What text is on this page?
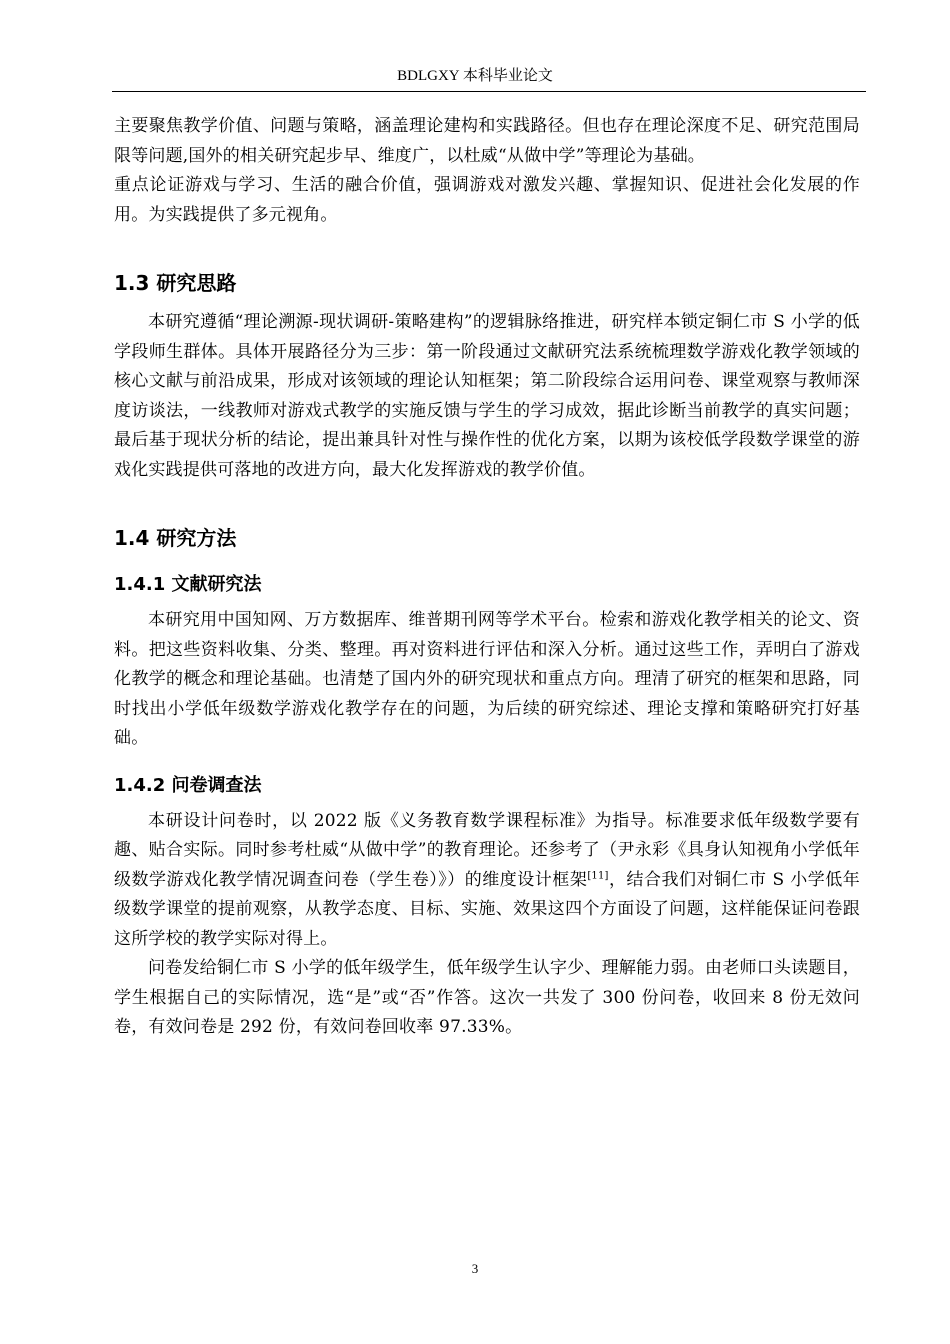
BDLGXY 本科毕业论文

主要聚焦教学价值、问题与策略，涵盖理论建构和实践路径。但也存在理论深度不足、研究范围局限等问题,国外的相关研究起步早、维度广，以杜威“从做中学”等理论为基础。

重点论证游戏与学习、生活的融合价值，强调游戏对激发兴趣、掌握知识、促进社会化发展的作用。为实践提供了多元视角。

1.3 研究思路

本研究遵循“理论溯源-现状调研-策略建构”的逻辑脉络推进，研究样本锁定铜仁市 S 小学的低学段师生群体。具体开展路径分为三步：第一阶段通过文献研究法系统梳理数学游戏化教学领域的核心文献与前沿成果，形成对该领域的理论认知框架；第二阶段综合运用问卷、课堂观察与教师深度访谈法，一线教师对游戏式教学的实施反馈与学生的学习成效，据此诊断当前教学的真实问题；最后基于现状分析的结论，提出兼具针对性与操作性的优化方案，以期为该校低学段数学课堂的游戏化实践提供可落地的改进方向，最大化发挥游戏的教学价值。

1.4 研究方法
1.4.1 文献研究法

本研究用中国知网、万方数据库、维普期刊网等学术平台。检索和游戏化教学相关的论文、资料。把这些资料收集、分类、整理。再对资料进行评估和深入分析。通过这些工作，弄明白了游戏化教学的概念和理论基础。也清楚了国内外的研究现状和重点方向。理清了研究的框架和思路，同时找出小学低年级数学游戏化教学存在的问题，为后续的研究综述、理论支撑和策略研究打好基础。

1.4.2 问卷调查法

本研设计问卷时，以 2022 版《义务教育数学课程标准》为指导。标准要求低年级数学要有趣、贴合实际。同时参考杜威“从做中学”的教育理论。还参考了（尹永彩《具身认知视角小学低年级数学游戏化教学情况调查问卷（学生卷）》）的维度设计框架[11]，结合我们对铜仁市 S 小学低年级数学课堂的提前观察，从教学态度、目标、实施、效果这四个方面设了问题，这样能保证问卷跟这所学校的教学实际对得上。

问卷发给铜仁市 S 小学的低年级学生，低年级学生认字少、理解能力弱。由老师口头读题目，学生根据自己的实际情况，选“是”或“否”作答。这次一共发了 300 份问卷，收回来 8 份无效问卷，有效问卷是 292 份，有效问卷回收率 97.33%。

3
